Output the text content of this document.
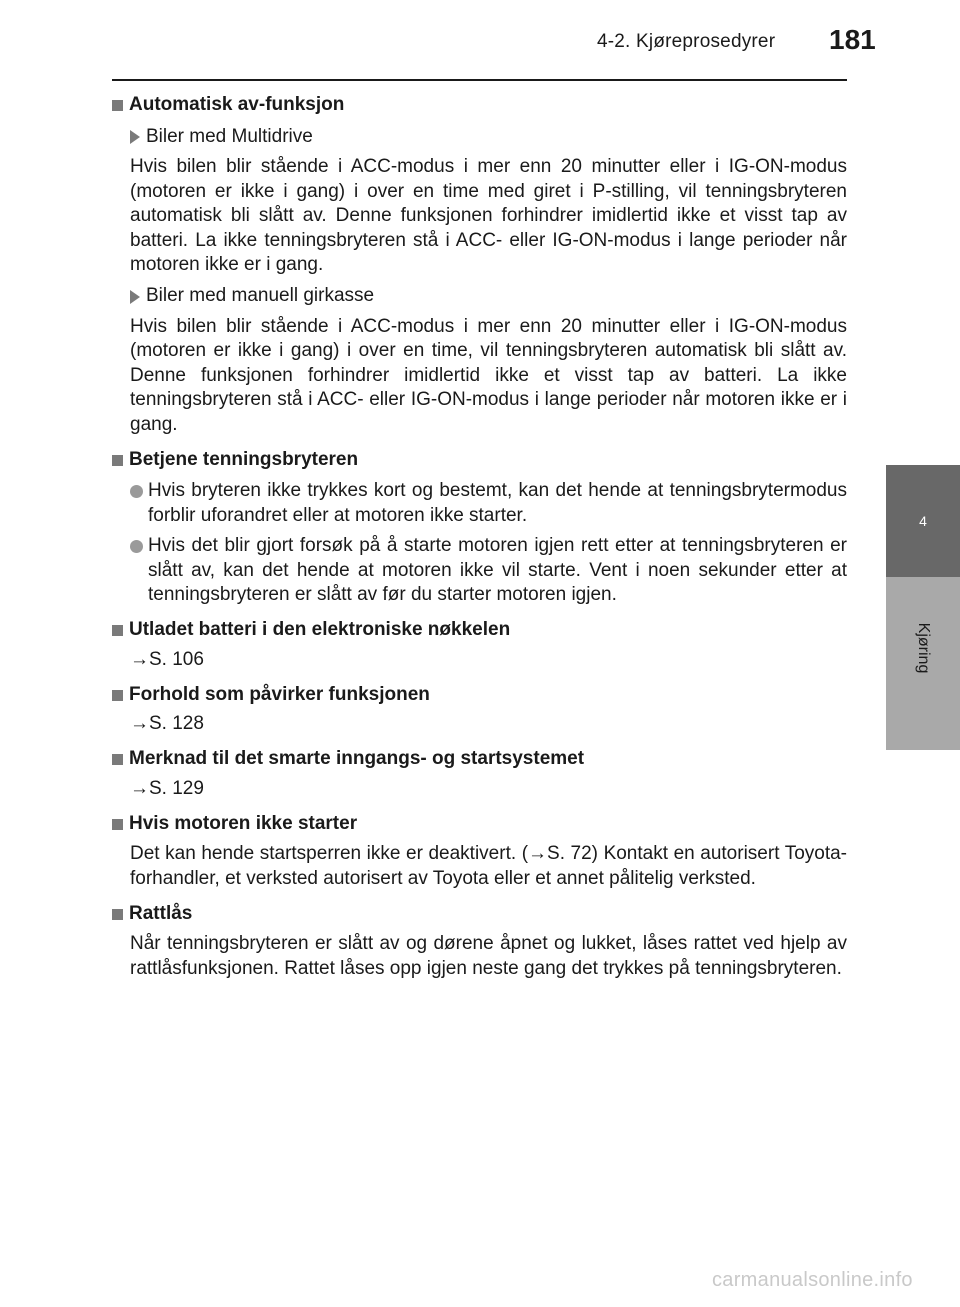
4-2. Kjøreprosedyrer 181
4
Kjøring
Automatisk av-funksjon
Biler med Multidrive
Hvis bilen blir stående i ACC-modus i mer enn 20 minutter eller i IG-ON-modus (motoren er ikke i gang) i over en time med giret i P-stilling, vil tenningsbryteren automatisk bli slått av. Denne funksjonen forhindrer imidlertid ikke et visst tap av batteri. La ikke tenningsbryteren stå i ACC- eller IG-ON-modus i lange perioder når motoren ikke er i gang.
Biler med manuell girkasse
Hvis bilen blir stående i ACC-modus i mer enn 20 minutter eller i IG-ON-modus (motoren er ikke i gang) i over en time, vil tenningsbryteren automatisk bli slått av. Denne funksjonen forhindrer imidlertid ikke et visst tap av batteri. La ikke tenningsbryteren stå i ACC- eller IG-ON-modus i lange perioder når motoren ikke er i gang.
Betjene tenningsbryteren
Hvis bryteren ikke trykkes kort og bestemt, kan det hende at tenningsbrytermodus forblir uforandret eller at motoren ikke starter.
Hvis det blir gjort forsøk på å starte motoren igjen rett etter at tenningsbryteren er slått av, kan det hende at motoren ikke vil starte. Vent i noen sekunder etter at tenningsbryteren er slått av før du starter motoren igjen.
Utladet batteri i den elektroniske nøkkelen
→S. 106
Forhold som påvirker funksjonen
→S. 128
Merknad til det smarte inngangs- og startsystemet
→S. 129
Hvis motoren ikke starter
Det kan hende startsperren ikke er deaktivert. (→S. 72) Kontakt en autorisert Toyota-forhandler, et verksted autorisert av Toyota eller et annet pålitelig verksted.
Rattlås
Når tenningsbryteren er slått av og dørene åpnet og lukket, låses rattet ved hjelp av rattlåsfunksjonen. Rattet låses opp igjen neste gang det trykkes på tenningsbryteren.
carmanualsonline.info
